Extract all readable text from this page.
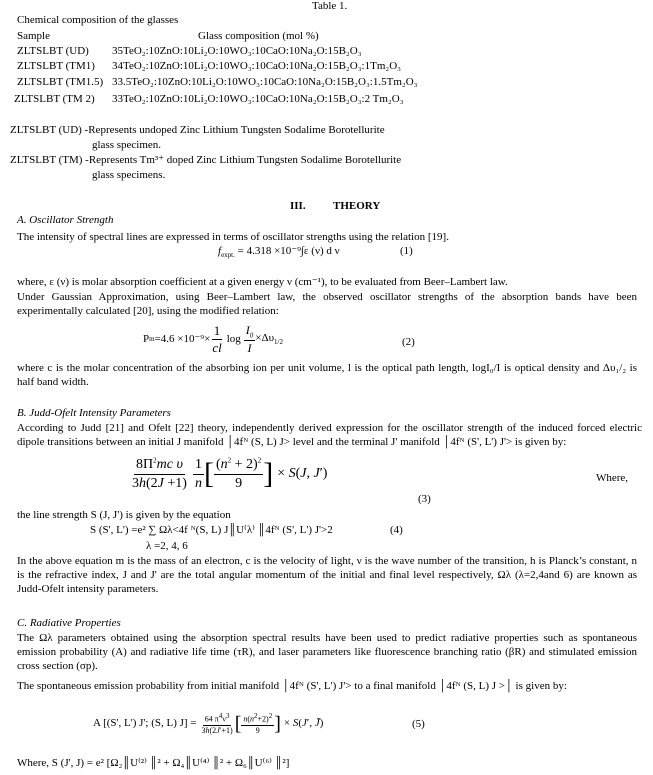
Table 1.
Chemical composition of the glasses
Sample	Glass composition (mol %)
ZLTSLBT (UD) 35TeO₂:10ZnO:10Li₂O:10WO₃:10CaO:10Na₂O:15B₂O₃
ZLTSLBT (TM1) 34TeO₂:10ZnO:10Li₂O:10WO₃:10CaO:10Na₂O:15B₂O₃:1Tm₂O₃
ZLTSLBT (TM1.5) 33.5TeO₂:10ZnO:10Li₂O:10WO₃:10CaO:10Na₂O:15B₂O₃:1.5Tm₂O₃
ZLTSLBT (TM 2) 33TeO₂:10ZnO:10Li₂O:10WO₃:10CaO:10Na₂O:15B₂O₃:2 Tm₂O₃
ZLTSLBT (UD) -Represents undoped Zinc Lithium Tungsten Sodalime Borotellurite
glass specimen.
ZLTSLBT (TM) -Represents Tm³⁺ doped Zinc Lithium Tungsten Sodalime Borotellurite
glass specimens.
III. THEORY
A. Oscillator Strength
The intensity of spectral lines are expressed in terms of oscillator strengths using the relation [19].
$f_{expt.} = 4.318 \times 10^{-9}\int\varepsilon$ (ν) d ν	(1)
where, ε (ν) is molar absorption coefficient at a given energy ν (cm⁻¹), to be evaluated from Beer–Lambert law.
Under Gaussian Approximation, using Beer–Lambert law, the observed oscillator strengths of the absorption bands have been experimentally calculated [20], using the modified relation:
P $m =4.6 \times 10^{-9}\times \frac{1}{cl}$ $\log \frac{I_0}{I} \times\Delta\upsilon_{1/2}$	(2)
where c is the molar concentration of the absorbing ion per unit volume, l is the optical path length, logI₀/I is optical density and Δυ₁/₂ is half band width.
B. Judd-Ofelt Intensity Parameters
According to Judd [21] and Ofelt [22] theory, independently derived expression for the oscillator strength of the induced forced electric dipole transitions between an initial J manifold │4fᴺ (S, L) J> level and the terminal J' manifold │4fᴺ (S', L') J'> is given by:
$\frac{8\Pi^2mc \upsilon}{3h(2J +1)} \frac{1}{n}$ [ $\frac{(n^2 + 2)^2}{9}$ ] × S(J, J′)	Where,
(3)
the line strength S (J, J') is given by the equation
S (S', L') =e² ∑ Ωλ<4f ᴺ(S, L) J║U⁽λ⁾ ║4fᴺ (S', L') J'>2	(4)
λ =2, 4, 6
In the above equation m is the mass of an electron, c is the velocity of light, ν is the wave number of the transition, h is Planck’s constant, n is the refractive index, J and J' are the total angular momentum of the initial and final level respectively, Ωλ (λ=2,4and 6) are known as Judd-Ofelt intensity parameters.
C. Radiative Properties
The Ωλ parameters obtained using the absorption spectral results have been used to predict radiative properties such as spontaneous emission probability (A) and radiative life time (τR), and laser parameters like fluorescence branching ratio (βR) and stimulated emission cross section (σp).
The spontaneous emission probability from initial manifold │4fᴺ (S', L') J'> to a final manifold │4fᴺ (S, L) J >│ is given by:
A [(S', L') J'; (S, L) $J] = \frac{64 \pi^4\nu^3}{3h(2J'+1)}$ [ $\frac{n(n^2+2)^2}{9}$ ] × S(J′, J̄)	(5)
Where, S (J', J) = e² [Ω₂║U⁽²⁾ ║² + Ω₄║U⁽⁴⁾ ║² + Ω₆║U⁽⁶⁾ ║²]
